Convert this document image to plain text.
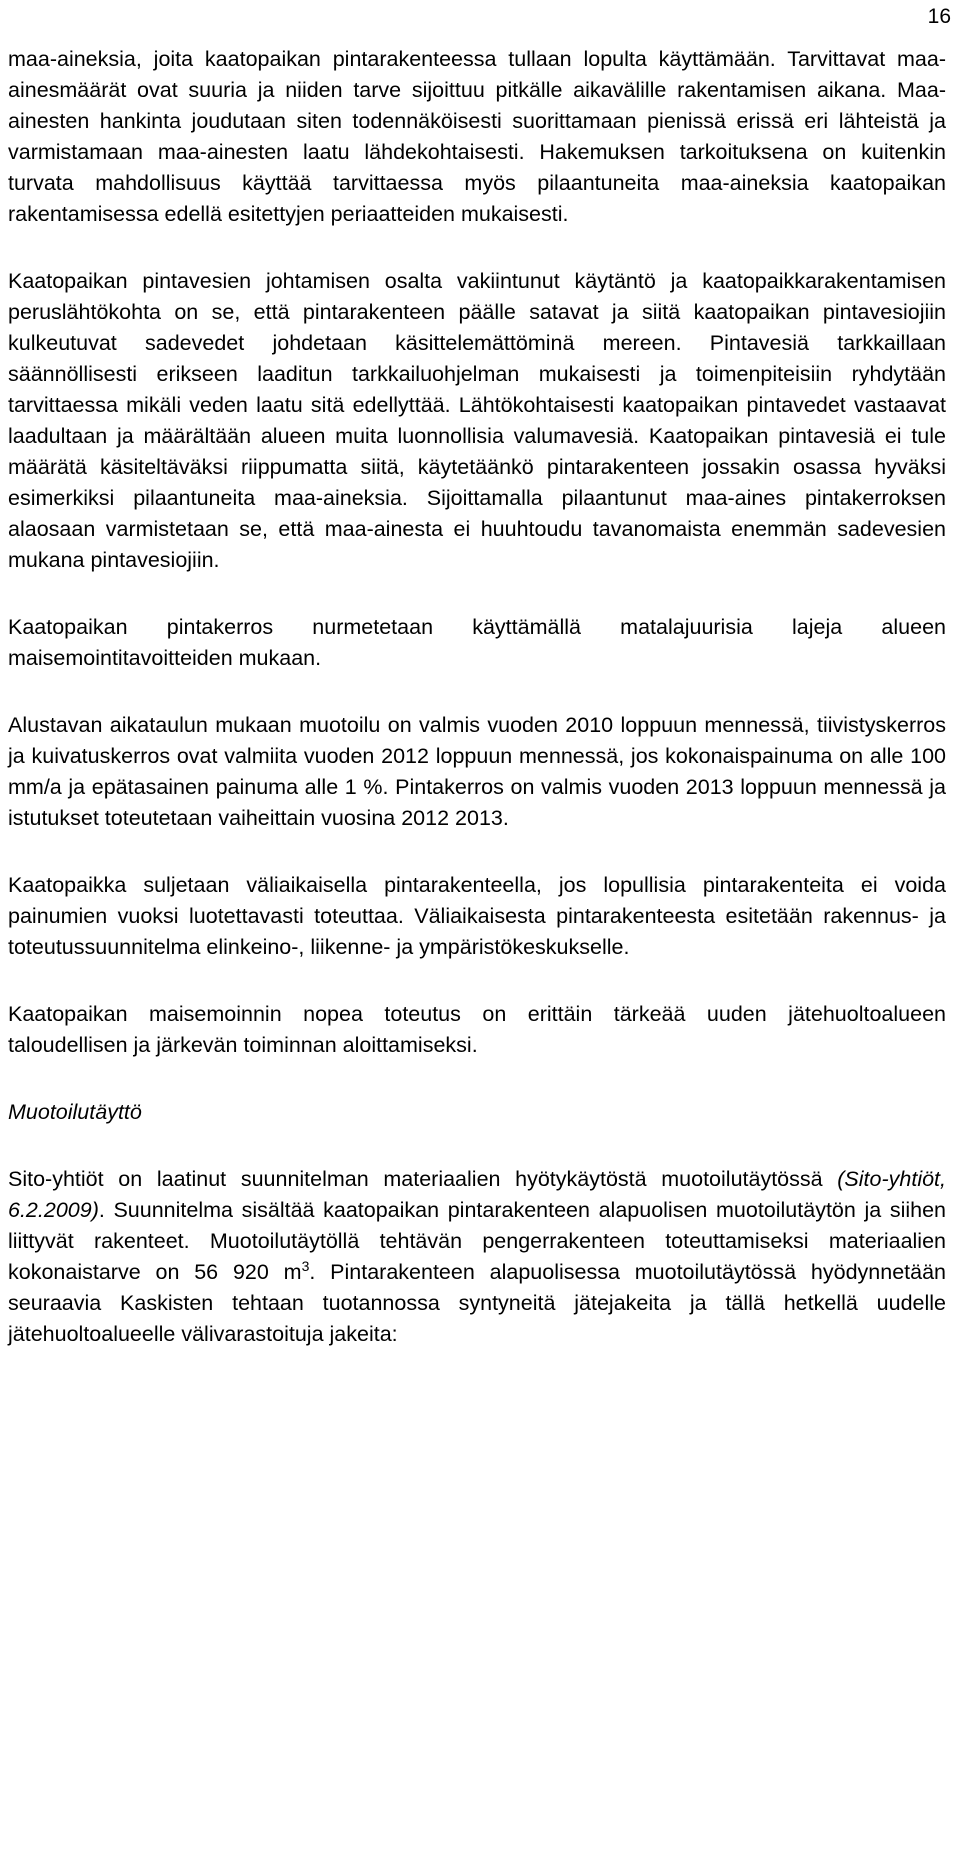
16

maa-aineksia, joita kaatopaikan pintarakenteessa tullaan lopulta käyttämään. Tarvittavat maa-ainesmäärät ovat suuria ja niiden tarve sijoittuu pitkälle aikavälille rakentamisen aikana. Maa-ainesten hankinta joudutaan siten todennäköisesti suorittamaan pienissä erissä eri lähteistä ja varmistamaan maa-ainesten laatu lähdekohtaisesti. Hakemuksen tarkoituksena on kuitenkin turvata mahdollisuus käyttää tarvittaessa myös pilaantuneita maa-aineksia kaatopaikan rakentamisessa edellä esitettyjen periaatteiden mukaisesti.

Kaatopaikan pintavesien johtamisen osalta vakiintunut käytäntö ja kaatopaikkarakentamisen peruslähtökohta on se, että pintarakenteen päälle satavat ja siitä kaatopaikan pintavesiojiin kulkeutuvat sadevedet johdetaan käsittelemättöminä mereen. Pintavesiä tarkkaillaan säännöllisesti erikseen laaditun tarkkailuohjelman mukaisesti ja toimenpiteisiin ryhdytään tarvittaessa mikäli veden laatu sitä edellyttää. Lähtökohtaisesti kaatopaikan pintavedet vastaavat laadultaan ja määrältään alueen muita luonnollisia valumavesiä. Kaatopaikan pintavesiä ei tule määrätä käsiteltäväksi riippumatta siitä, käytetäänkö pintarakenteen jossakin osassa hyväksi esimerkiksi pilaantuneita maa-aineksia. Sijoittamalla pilaantunut maa-aines pintakerroksen alaosaan varmistetaan se, että maa-ainesta ei huuhtoudu tavanomaista enemmän sadevesien mukana pintavesiojiin.

Kaatopaikan pintakerros nurmetetaan käyttämällä matalajuurisia lajeja alueen maisemointitavoitteiden mukaan.

Alustavan aikataulun mukaan muotoilu on valmis vuoden 2010 loppuun mennessä, tiivistyskerros ja kuivatuskerros ovat valmiita vuoden 2012 loppuun mennessä, jos kokonaispainuma on alle 100 mm/a ja epätasainen painuma alle 1 %. Pintakerros on valmis vuoden 2013 loppuun mennessä ja istutukset toteutetaan vaiheittain vuosina 2012 2013.

Kaatopaikka suljetaan väliaikaisella pintarakenteella, jos lopullisia pintarakenteita ei voida painumien vuoksi luotettavasti toteuttaa. Väliaikaisesta pintarakenteesta esitetään rakennus- ja toteutussuunnitelma elinkeino-, liikenne- ja ympäristökeskukselle.

Kaatopaikan maisemoinnin nopea toteutus on erittäin tärkeää uuden jätehuoltoalueen taloudellisen ja järkevän toiminnan aloittamiseksi.

Muotoilutäyttö

Sito-yhtiöt on laatinut suunnitelman materiaalien hyötykäytöstä muotoilutäytössä (Sito-yhtiöt, 6.2.2009). Suunnitelma sisältää kaatopaikan pintarakenteen alapuolisen muotoilutäytön ja siihen liittyvät rakenteet. Muotoilutäytöllä tehtävän pengerrakenteen toteuttamiseksi materiaalien kokonaistarve on 56 920 $m^3$. Pintarakenteen alapuolisessa muotoilutäytössä hyödynnetään seuraavia Kaskisten tehtaan tuotannossa syntyneitä jätejakeita ja tällä hetkellä uudelle jätehuoltoalueelle välivarastoituja jakeita:
